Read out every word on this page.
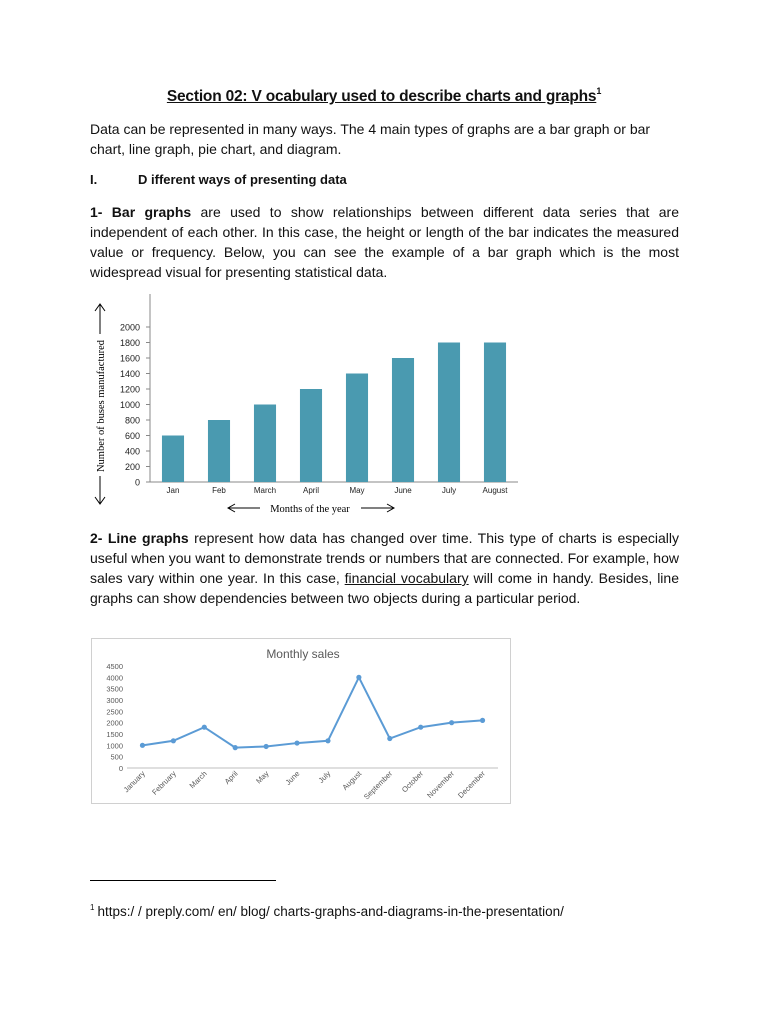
Section 02: V ocabulary used to describe charts and graphs$^1$
Data can be represented in many ways. The 4 main types of graphs are a bar graph or bar chart, line graph, pie chart, and diagram.
I.	D ifferent ways of presenting data
1- Bar graphs are used to show relationships between different data series that are independent of each other. In this case, the height or length of the bar indicates the measured value or frequency. Below, you can see the example of a bar graph which is the most widespread visual for presenting statistical data.
Number of buses manufactured
0
200
400
600
800
1000
1200
1400
1600
1800
2000
Jan	Feb	March	April	May	June	July	August
Months of the year
2- Line graphs represent how data has changed over time. This type of charts is especially useful when you want to demonstrate trends or numbers that are connected. For example, how sales vary within one year. In this case, financial vocabulary will come in handy. Besides, line graphs can show dependencies between two objects during a particular period.
Monthly sales
0
500
1000
1500
2000
2500
3000
3500
4000
4500
January February March April May June July August
September October November December
$^1$ https:/ / preply.com/ en/ blog/ charts-graphs-and-diagrams-in-the-presentation/
